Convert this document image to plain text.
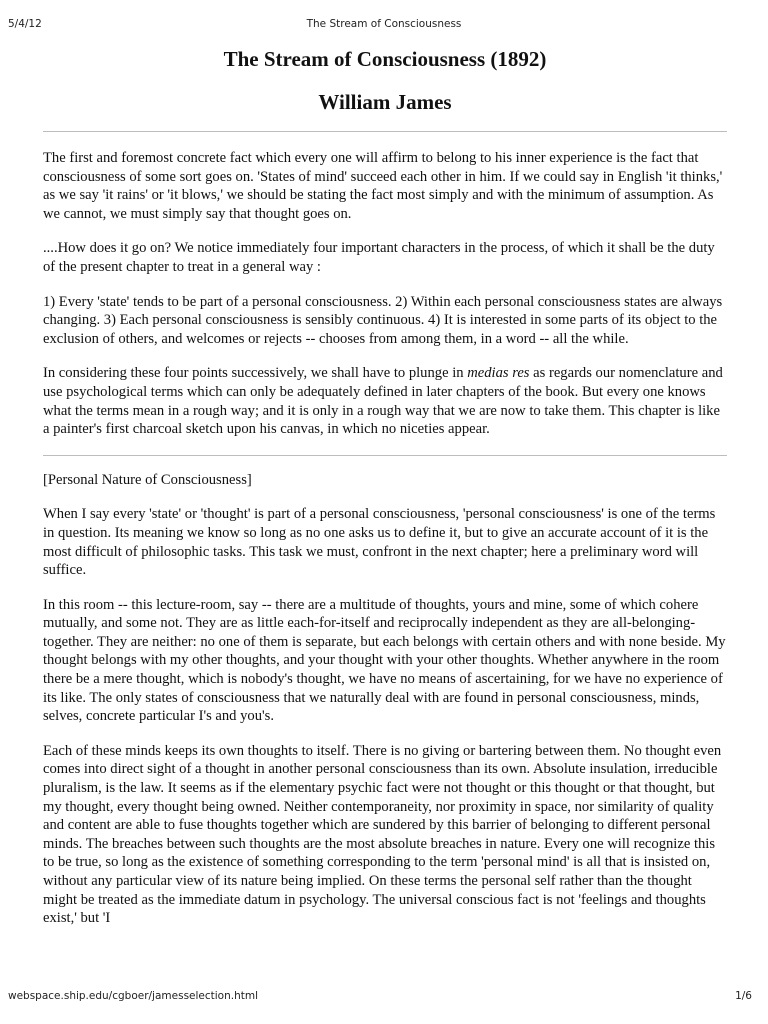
5/4/12	The Stream of Consciousness
The Stream of Consciousness (1892)
William James

The first and foremost concrete fact which every one will affirm to belong to his inner experience is the fact that consciousness of some sort goes on. 'States of mind' succeed each other in him. If we could say in English 'it thinks,' as we say 'it rains' or 'it blows,' we should be stating the fact most simply and with the minimum of assumption. As we cannot, we must simply say that thought goes on.

....How does it go on? We notice immediately four important characters in the process, of which it shall be the duty of the present chapter to treat in a general way :

1) Every 'state' tends to be part of a personal consciousness. 2) Within each personal consciousness states are always changing. 3) Each personal consciousness is sensibly continuous. 4) It is interested in some parts of its object to the exclusion of others, and welcomes or rejects -- chooses from among them, in a word -- all the while.

In considering these four points successively, we shall have to plunge in medias res as regards our nomenclature and use psychological terms which can only be adequately defined in later chapters of the book. But every one knows what the terms mean in a rough way; and it is only in a rough way that we are now to take them. This chapter is like a painter's first charcoal sketch upon his canvas, in which no niceties appear.

[Personal Nature of Consciousness]

When I say every 'state' or 'thought' is part of a personal consciousness, 'personal consciousness' is one of the terms in question. Its meaning we know so long as no one asks us to define it, but to give an accurate account of it is the most difficult of philosophic tasks. This task we must, confront in the next chapter; here a preliminary word will suffice.

In this room -- this lecture-room, say -- there are a multitude of thoughts, yours and mine, some of which cohere mutually, and some not. They are as little each-for-itself and reciprocally independent as they are all-belonging-together. They are neither: no one of them is separate, but each belongs with certain others and with none beside. My thought belongs with my other thoughts, and your thought with your other thoughts. Whether anywhere in the room there be a mere thought, which is nobody's thought, we have no means of ascertaining, for we have no experience of its like. The only states of consciousness that we naturally deal with are found in personal consciousness, minds, selves, concrete particular I's and you's.

Each of these minds keeps its own thoughts to itself. There is no giving or bartering between them. No thought even comes into direct sight of a thought in another personal consciousness than its own. Absolute insulation, irreducible pluralism, is the law. It seems as if the elementary psychic fact were not thought or this thought or that thought, but my thought, every thought being owned. Neither contemporaneity, nor proximity in space, nor similarity of quality and content are able to fuse thoughts together which are sundered by this barrier of belonging to different personal minds. The breaches between such thoughts are the most absolute breaches in nature. Every one will recognize this to be true, so long as the existence of something corresponding to the term 'personal mind' is all that is insisted on, without any particular view of its nature being implied. On these terms the personal self rather than the thought might be treated as the immediate datum in psychology. The universal conscious fact is not 'feelings and thoughts exist,' but 'I

webspace.ship.edu/cgboer/jamesselection.html	1/6
